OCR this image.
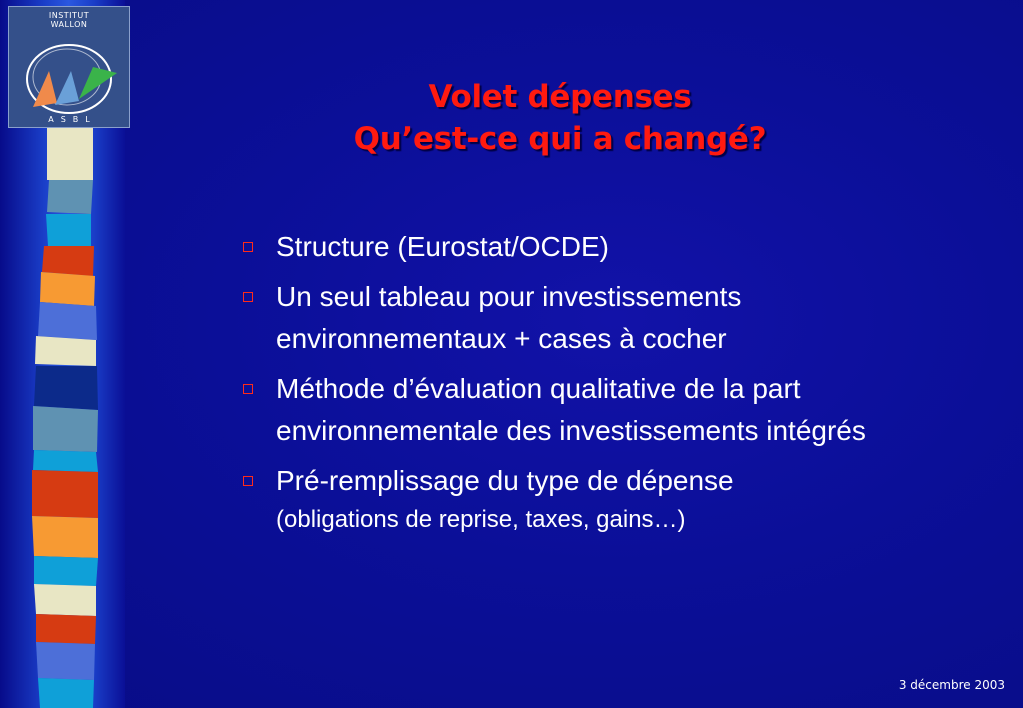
INSTITUT
WALLON
ASBL
Volet dépenses
Qu’est-ce qui a changé?
Structure (Eurostat/OCDE)
Un seul tableau pour investissements environnementaux + cases à cocher
Méthode d’évaluation qualitative de la part environnementale des investissements intégrés
Pré-remplissage du type de dépense
(obligations de reprise, taxes, gains…)
3 décembre 2003
